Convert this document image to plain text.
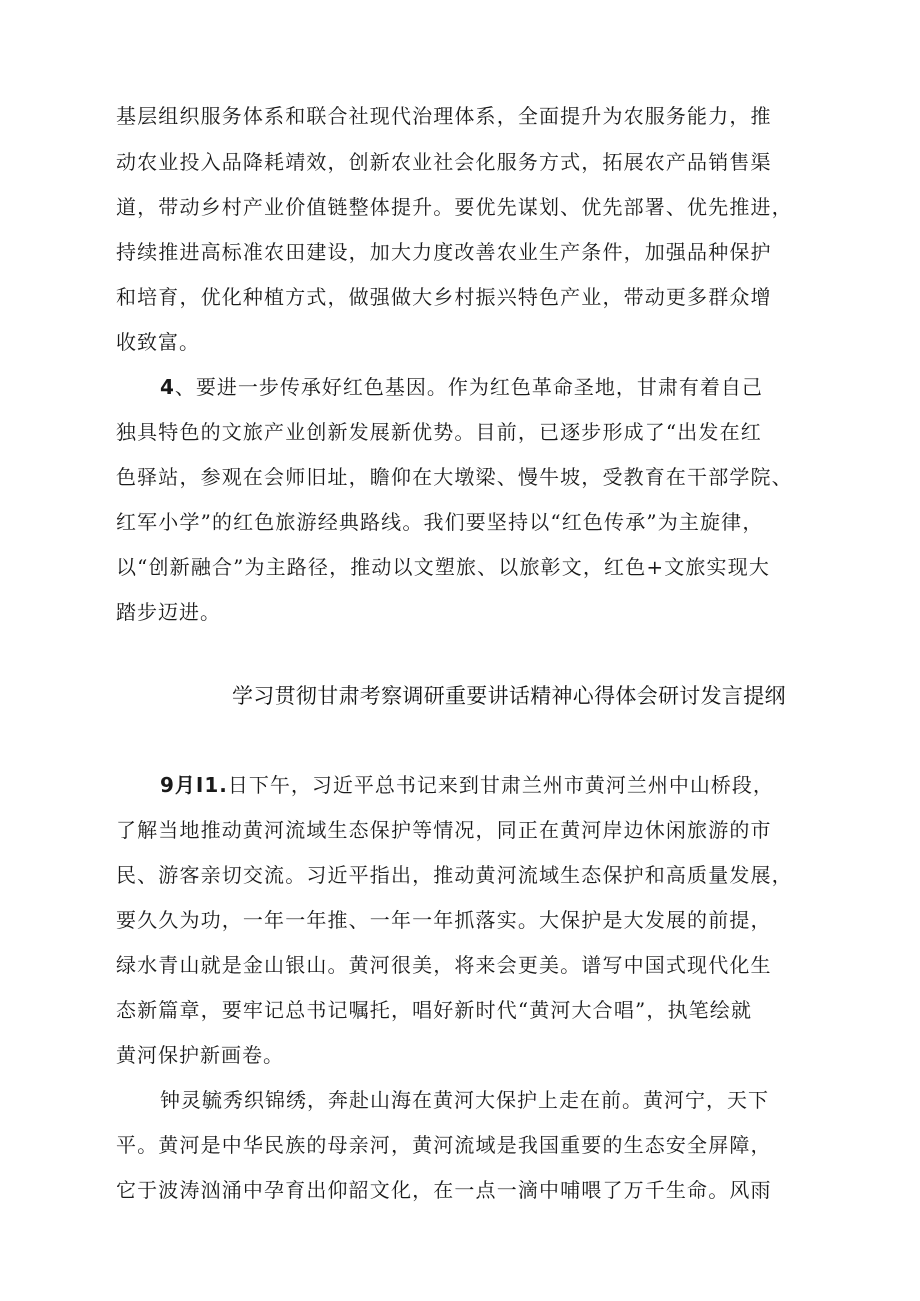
基层组织服务体系和联合社现代治理体系，全面提升为农服务能力，推
动农业投入品降耗靖效，创新农业社会化服务方式，拓展农产品销售渠
道，带动乡村产业价值链整体提升。要优先谋划、优先部署、优先推进，
持续推进高标准农田建设，加大力度改善农业生产条件，加强品种保护
和培育，优化种植方式，做强做大乡村振兴特色产业，带动更多群众增
收致富。
4、要进一步传承好红色基因。作为红色革命圣地，甘肃有着自己
独具特色的文旅产业创新发展新优势。目前，已逐步形成了“出发在红
色驿站，参观在会师旧址，瞻仰在大墩梁、慢牛坡，受教育在干部学院、
红军小学”的红色旅游经典路线。我们要坚持以“红色传承”为主旋律，
以“创新融合”为主路径，推动以文塑旅、以旅彰文，红色+文旅实现大
踏步迈进。
学习贯彻甘肃考察调研重要讲话精神心得体会研讨发言提纲
9月I1.日下午，习近平总书记来到甘肃兰州市黄河兰州中山桥段，
了解当地推动黄河流域生态保护等情况，同正在黄河岸边休闲旅游的市
民、游客亲切交流。习近平指出，推动黄河流域生态保护和高质量发展，
要久久为功，一年一年推、一年一年抓落实。大保护是大发展的前提，
绿水青山就是金山银山。黄河很美，将来会更美。谱写中国式现代化生
态新篇章，要牢记总书记嘱托，唱好新时代“黄河大合唱”，执笔绘就
黄河保护新画卷。
钟灵毓秀织锦绣，奔赴山海在黄河大保护上走在前。黄河宁，天下
平。黄河是中华民族的母亲河，黄河流域是我国重要的生态安全屏障，
它于波涛汹涌中孕育出仰韶文化，在一点一滴中哺喂了万千生命。风雨
